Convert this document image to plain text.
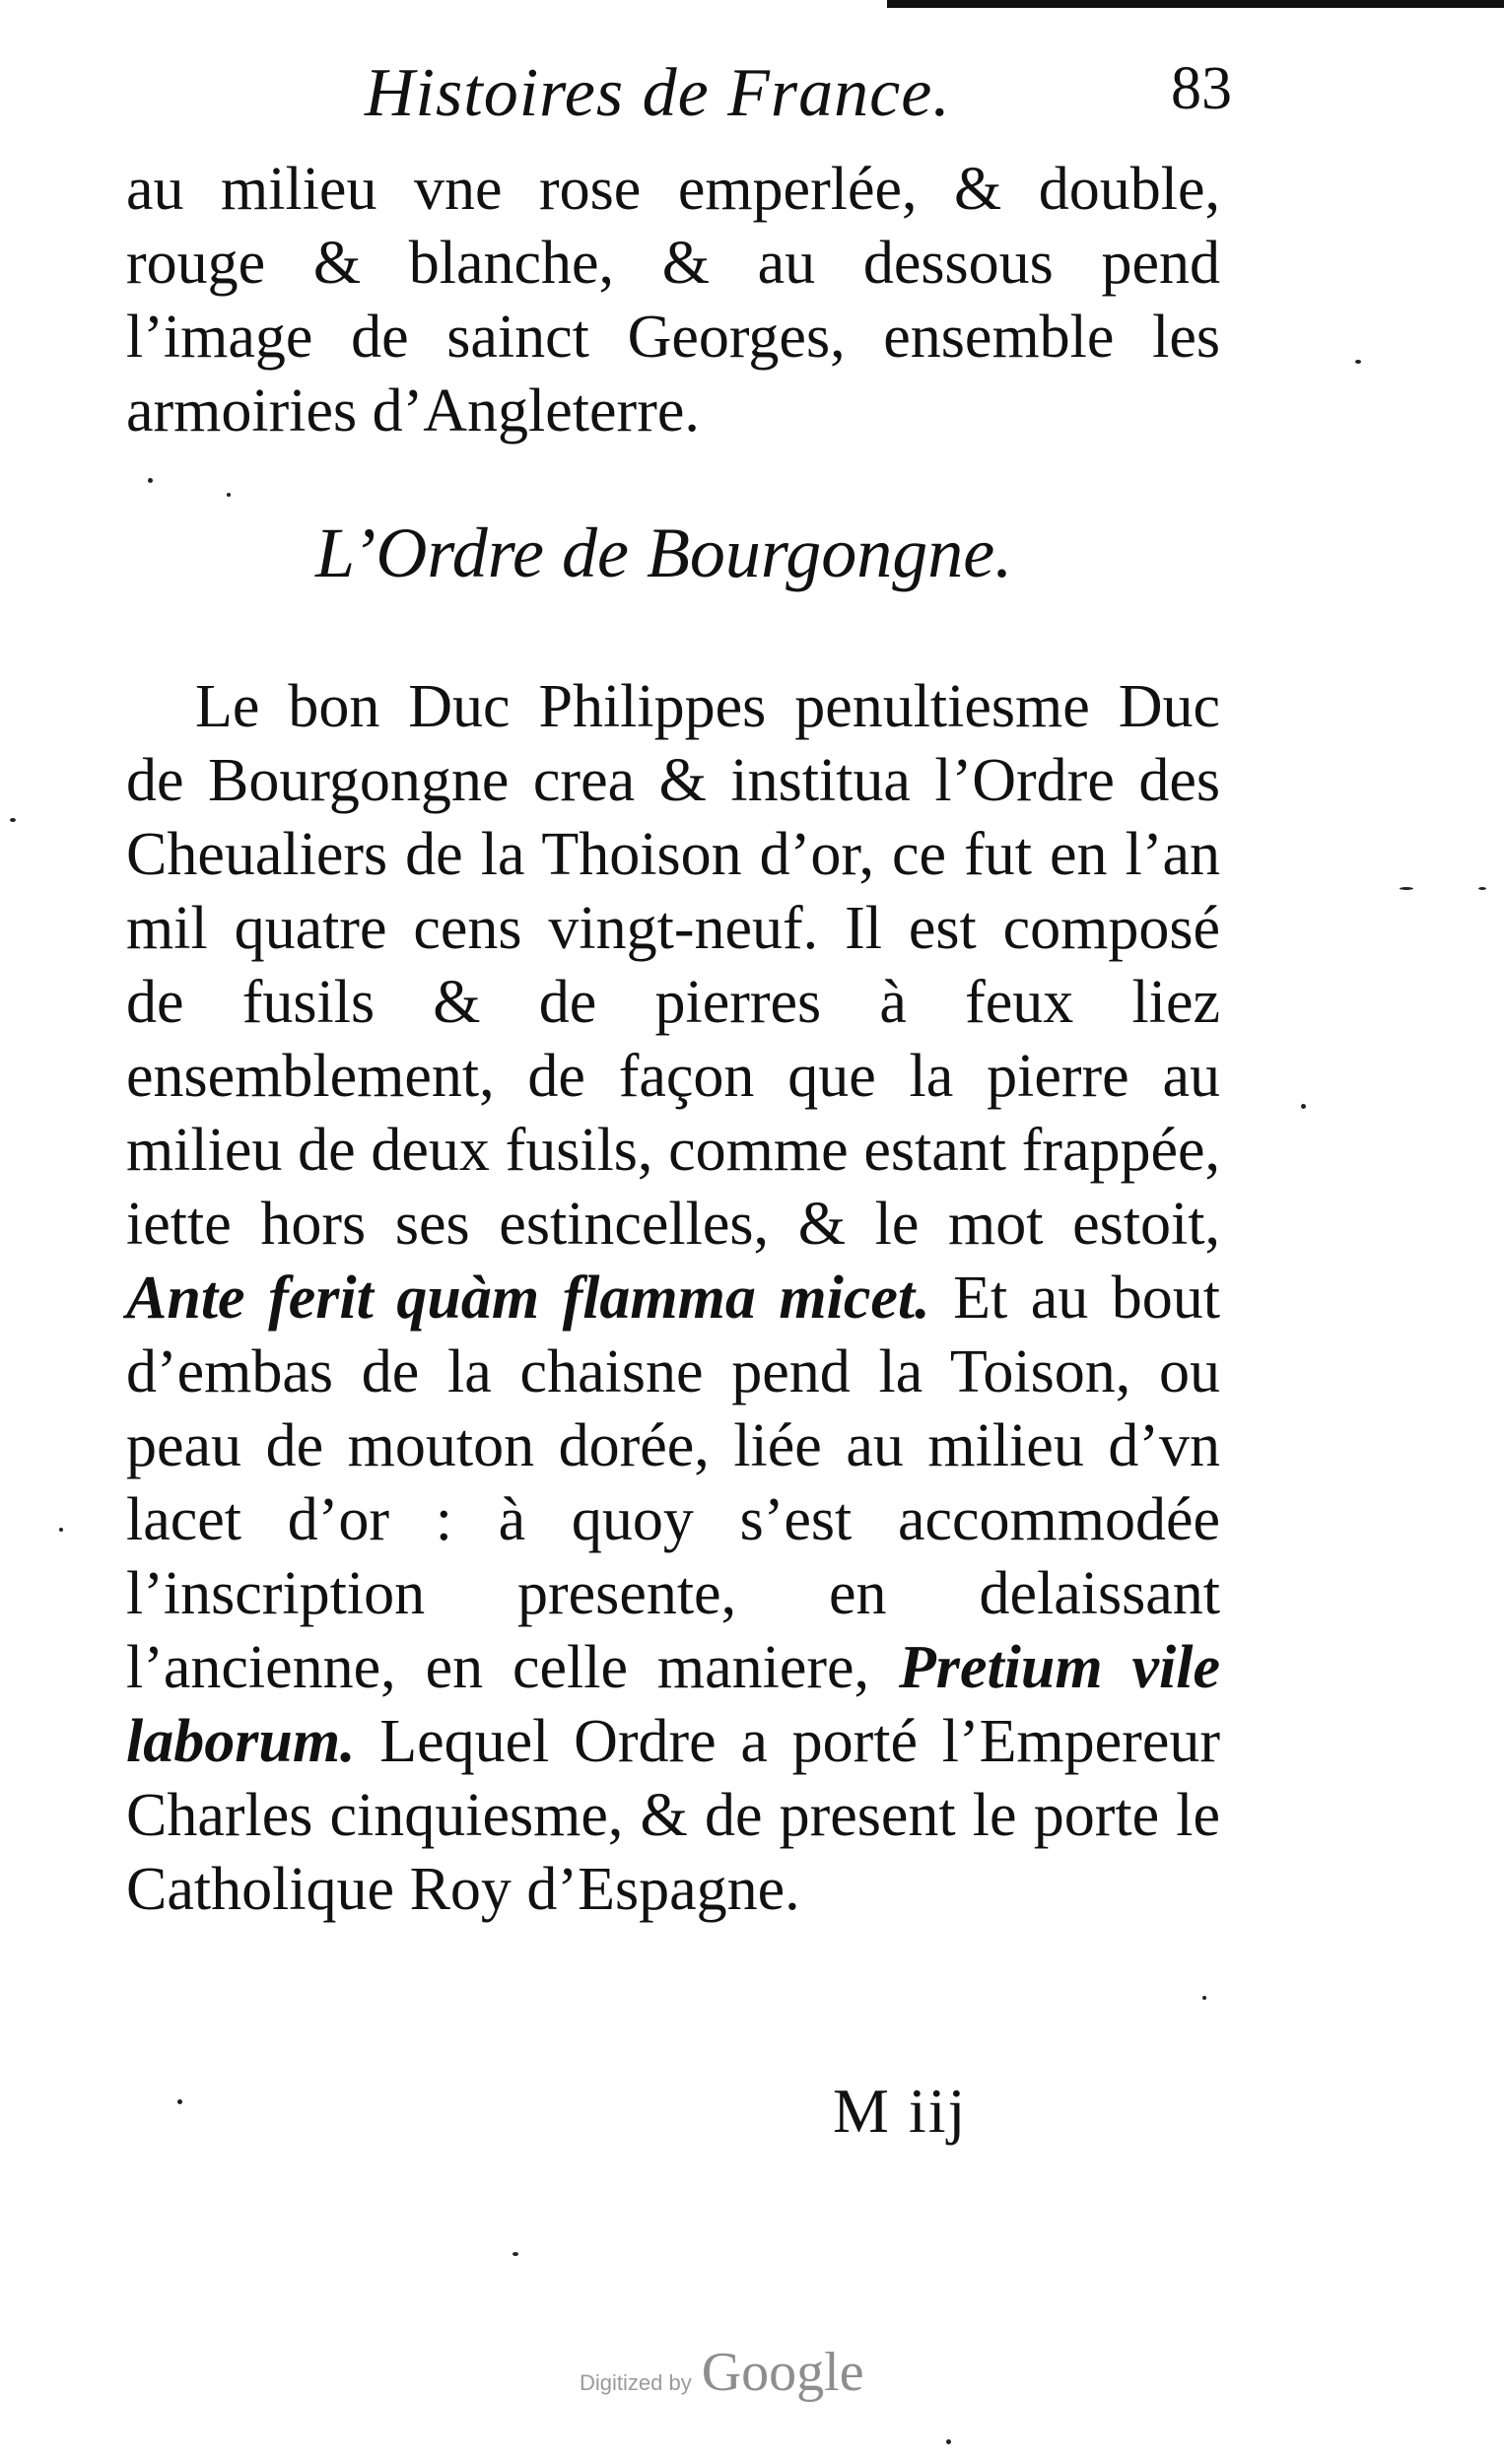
Histoires de France.	83

au milieu vne rose emperlée, & double, rouge & blanche, & au dessous pend l’image de sainct Georges, ensemble les armoiries d’Angleterre.

L’Ordre de Bourgongne.

Le bon Duc Philippes penultiesme Duc de Bourgongne crea & institua l’Ordre des Cheualiers de la Thoison d’or, ce fut en l’an mil quatre cens vingt-neuf. Il est composé de fusils & de pierres à feux liez ensemblement, de façon que la pierre au milieu de deux fusils, comme estant frappée, iette hors ses estincelles, & le mot estoit, Ante ferit quàm flamma micet. Et au bout d’embas de la chaisne pend la Toison, ou peau de mouton dorée, liée au milieu d’vn lacet d’or : à quoy s’est accommodée l’inscription presente, en delaissant l’ancienne, en celle maniere, Pretium vile laborum. Lequel Ordre a porté l’Empereur Charles cinquiesme, & de present le porte le Catholique Roy d’Espagne.

M iij
Digitized by Google
